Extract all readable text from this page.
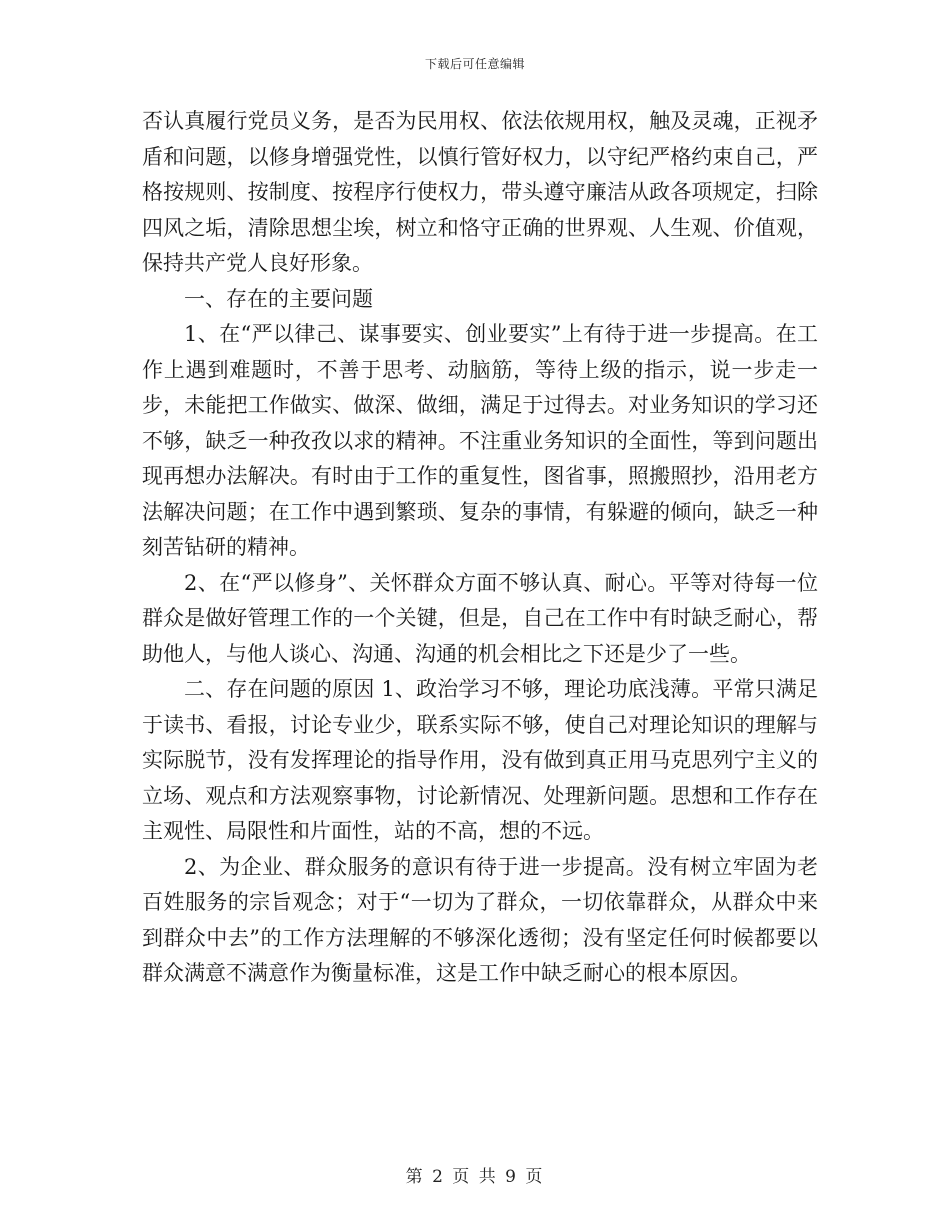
下载后可任意编辑

否认真履行党员义务，是否为民用权、依法依规用权，触及灵魂，正视矛盾和问题，以修身增强党性，以慎行管好权力，以守纪严格约束自己，严格按规则、按制度、按程序行使权力，带头遵守廉洁从政各项规定，扫除四风之垢，清除思想尘埃，树立和恪守正确的世界观、人生观、价值观，保持共产党人良好形象。

一、存在的主要问题

1、在“严以律己、谋事要实、创业要实”上有待于进一步提高。在工作上遇到难题时，不善于思考、动脑筋，等待上级的指示，说一步走一步，未能把工作做实、做深、做细，满足于过得去。对业务知识的学习还不够，缺乏一种孜孜以求的精神。不注重业务知识的全面性，等到问题出现再想办法解决。有时由于工作的重复性，图省事，照搬照抄，沿用老方法解决问题；在工作中遇到繁琐、复杂的事情，有躲避的倾向，缺乏一种刻苦钻研的精神。

2、在“严以修身”、关怀群众方面不够认真、耐心。平等对待每一位群众是做好管理工作的一个关键，但是，自己在工作中有时缺乏耐心，帮助他人，与他人谈心、沟通、沟通的机会相比之下还是少了一些。

二、存在问题的原因 1、政治学习不够，理论功底浅薄。平常只满足于读书、看报，讨论专业少，联系实际不够，使自己对理论知识的理解与实际脱节，没有发挥理论的指导作用，没有做到真正用马克思列宁主义的立场、观点和方法观察事物，讨论新情况、处理新问题。思想和工作存在主观性、局限性和片面性，站的不高，想的不远。

2、为企业、群众服务的意识有待于进一步提高。没有树立牢固为老百姓服务的宗旨观念；对于“一切为了群众，一切依靠群众，从群众中来到群众中去”的工作方法理解的不够深化透彻；没有坚定任何时候都要以群众满意不满意作为衡量标准，这是工作中缺乏耐心的根本原因。

第 2 页 共 9 页
